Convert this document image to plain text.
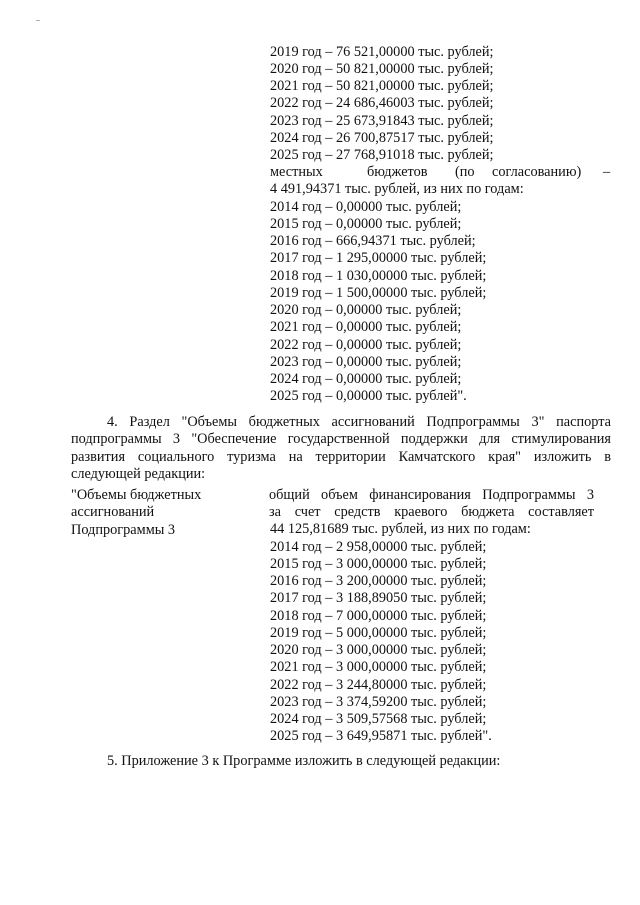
2019 год – 76 521,00000 тыс. рублей;
2020 год – 50 821,00000 тыс. рублей;
2021 год – 50 821,00000 тыс. рублей;
2022 год – 24 686,46003 тыс. рублей;
2023 год – 25 673,91843 тыс. рублей;
2024 год – 26 700,87517 тыс. рублей;
2025 год – 27 768,91018 тыс. рублей;
местных	бюджетов (по согласованию) –
4 491,94371 тыс. рублей, из них по годам:
2014 год – 0,00000 тыс. рублей;
2015 год – 0,00000 тыс. рублей;
2016 год – 666,94371 тыс. рублей;
2017 год – 1 295,00000 тыс. рублей;
2018 год – 1 030,00000 тыс. рублей;
2019 год – 1 500,00000 тыс. рублей;
2020 год – 0,00000 тыс. рублей;
2021 год – 0,00000 тыс. рублей;
2022 год – 0,00000 тыс. рублей;
2023 год – 0,00000 тыс. рублей;
2024 год – 0,00000 тыс. рублей;
2025 год – 0,00000 тыс. рублей".
4. Раздел "Объемы бюджетных ассигнований Подпрограммы 3" паспорта
подпрограммы 3 "Обеспечение государственной поддержки для стимулирования
развития социального туризма на территории Камчатского края" изложить в
следующей редакции:
"Объемы бюджетных
ассигнований
Подпрограммы 3
общий объем финансирования Подпрограммы 3
за счет средств краевого бюджета составляет
44 125,81689 тыс. рублей, из них по годам:
2014 год – 2 958,00000 тыс. рублей;
2015 год – 3 000,00000 тыс. рублей;
2016 год – 3 200,00000 тыс. рублей;
2017 год – 3 188,89050 тыс. рублей;
2018 год – 7 000,00000 тыс. рублей;
2019 год – 5 000,00000 тыс. рублей;
2020 год – 3 000,00000 тыс. рублей;
2021 год – 3 000,00000 тыс. рублей;
2022 год – 3 244,80000 тыс. рублей;
2023 год – 3 374,59200 тыс. рублей;
2024 год – 3 509,57568 тыс. рублей;
2025 год – 3 649,95871 тыс. рублей".
5. Приложение 3 к Программе изложить в следующей редакции:
